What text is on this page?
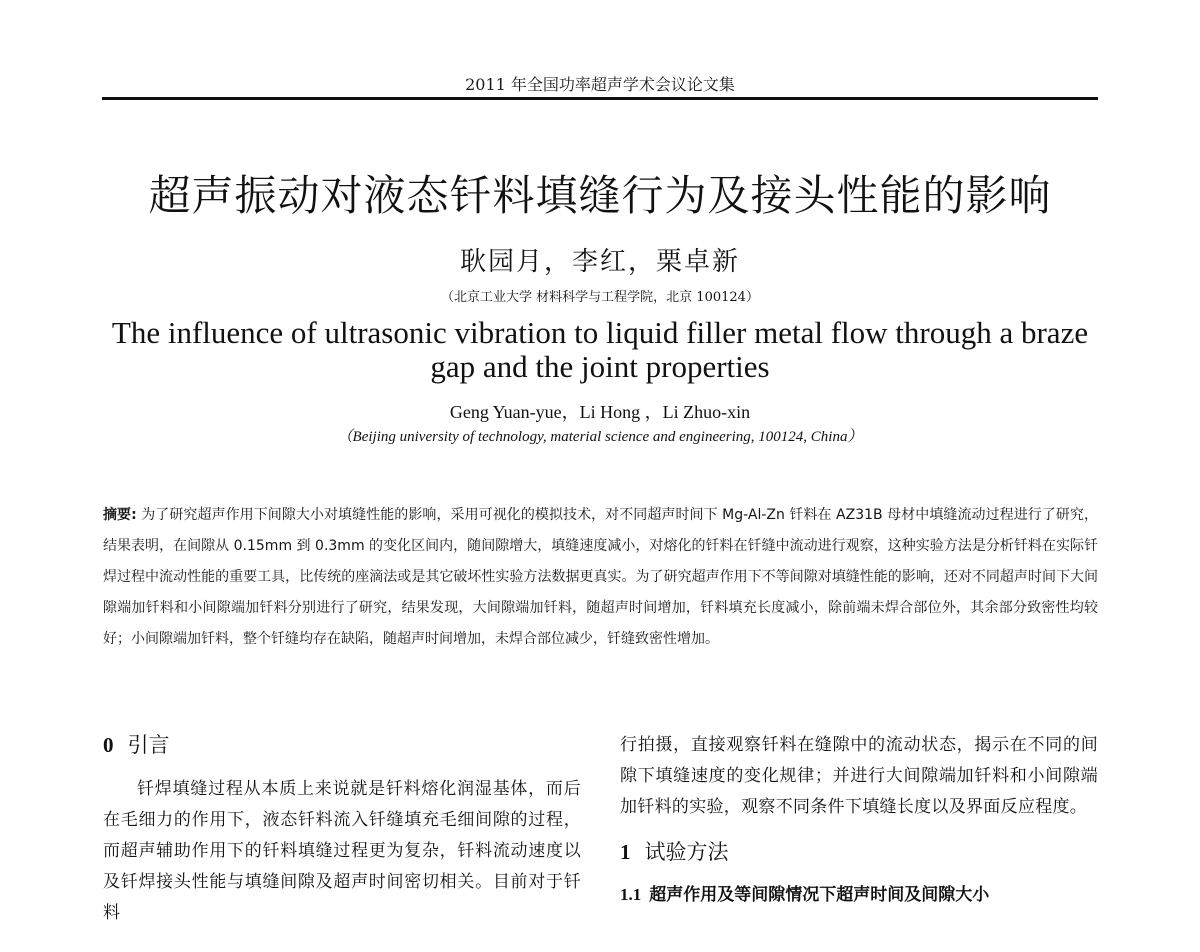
2011 年全国功率超声学术会议论文集
超声振动对液态钎料填缝行为及接头性能的影响
耿园月，李红，栗卓新
（北京工业大学 材料科学与工程学院，北京 100124）
The influence of ultrasonic vibration to liquid filler metal flow through a braze gap and the joint properties
Geng Yuan-yue，Li Hong ，Li Zhuo-xin
（Beijing university of technology, material science and engineering, 100124, China）
摘要: 为了研究超声作用下间隙大小对填缝性能的影响，采用可视化的模拟技术，对不同超声时间下 Mg-Al-Zn 钎料在 AZ31B 母材中填缝流动过程进行了研究，结果表明，在间隙从 0.15mm 到 0.3mm 的变化区间内，随间隙增大，填缝速度减小，对熔化的钎料在钎缝中流动进行观察，这种实验方法是分析钎料在实际钎焊过程中流动性能的重要工具，比传统的座滴法或是其它破坏性实验方法数据更真实。为了研究超声作用下不等间隙对填缝性能的影响，还对不同超声时间下大间隙端加钎料和小间隙端加钎料分别进行了研究，结果发现，大间隙端加钎料，随超声时间增加，钎料填充长度减小，除前端未焊合部位外，其余部分致密性均较好；小间隙端加钎料，整个钎缝均存在缺陷，随超声时间增加，未焊合部位减少，钎缝致密性增加。
0 引言

钎焊填缝过程从本质上来说就是钎料熔化润湿基体，而后在毛细力的作用下，液态钎料流入钎缝填充毛细间隙的过程，而超声辅助作用下的钎料填缝过程更为复杂，钎料流动速度以及钎焊接头性能与填缝间隙及超声时间密切相关。目前对于钎料

行拍摄，直接观察钎料在缝隙中的流动状态，揭示在不同的间隙下填缝速度的变化规律；并进行大间隙端加钎料和小间隙端加钎料的实验，观察不同条件下填缝长度以及界面反应程度。

1 试验方法
1.1 超声作用及等间隙情况下超声时间及间隙大小
